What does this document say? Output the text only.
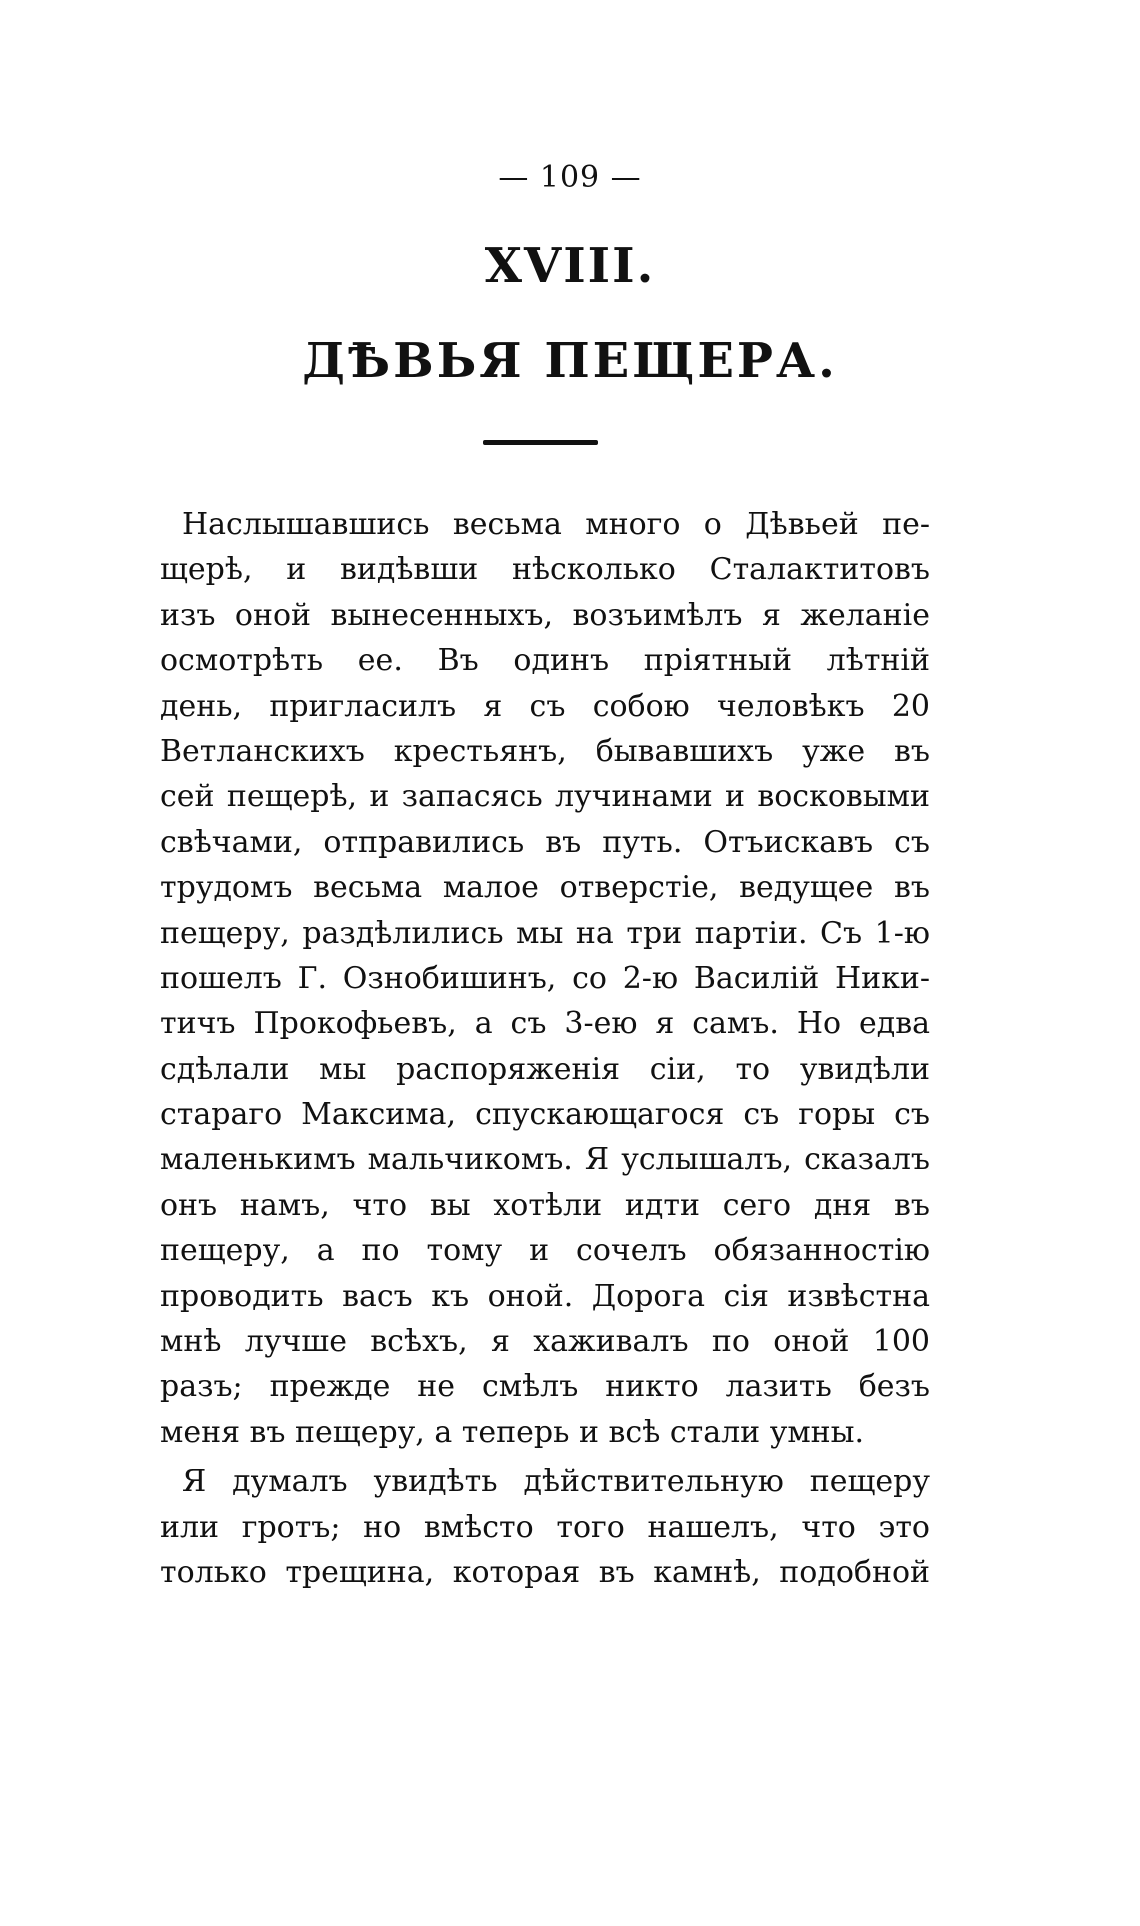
— 109 —
XVIII.
ДѢВЬЯ ПЕЩЕРА.
Наслышавшись весьма много о Дѣвьей пе-
щерѣ, и видѣвши нѣсколько Сталактитовъ
изъ оной вынесенныхъ, возъимѣлъ я желаніе
осмотрѣть ее. Въ одинъ пріятный лѣтній
день, пригласилъ я съ собою человѣкъ 20
Ветланскихъ крестьянъ, бывавшихъ уже въ
сей пещерѣ, и запасясь лучинами и восковыми
свѣчами, отправились въ путь. Отъискавъ съ
трудомъ весьма малое отверстіе, ведущее въ
пещеру, раздѣлились мы на три партіи. Съ 1-ю
пошелъ Г. Ознобишинъ, со 2-ю Василій Ники-
тичъ Прокофьевъ, а съ 3-ею я самъ. Но едва
сдѣлали мы распоряженія сіи, то увидѣли
стараго Максима, спускающагося съ горы съ
маленькимъ мальчикомъ. Я услышалъ, сказалъ
онъ намъ, что вы хотѣли идти сего дня въ
пещеру, а по тому и сочелъ обязанностію
проводить васъ къ оной. Дорога сія извѣстна
мнѣ лучше всѣхъ, я хаживалъ по оной 100
разъ; прежде не смѣлъ никто лазить безъ
меня въ пещеру, а теперь и всѣ стали умны.
Я думалъ увидѣть дѣйствительную пещеру
или гротъ; но вмѣсто того нашелъ, что это
только трещина, которая въ камнѣ, подобной
